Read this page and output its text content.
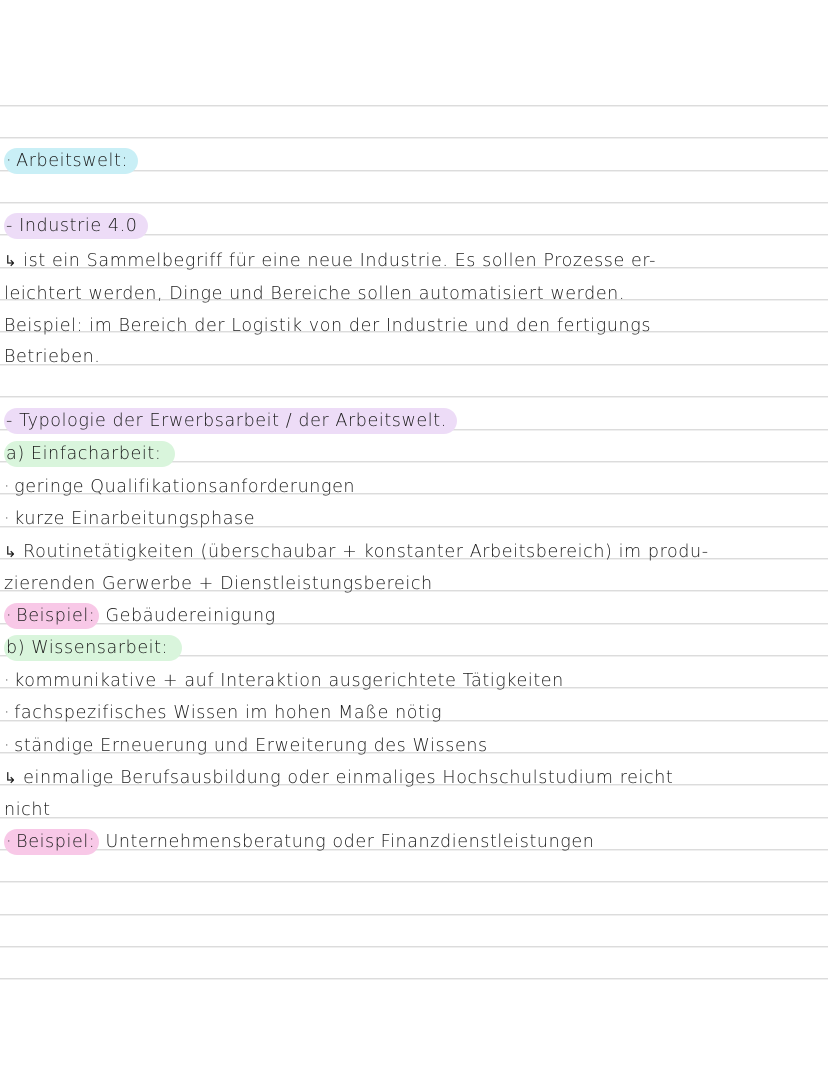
· Arbeitswelt:
- Industrie 4.0
↳ ist ein Sammelbegriff für eine neue Industrie. Es sollen Prozesse er-
leichtert werden, Dinge und Bereiche sollen automatisiert werden.
Beispiel: im Bereich der Logistik von der Industrie und den fertigungs
Betrieben.
- Typologie der Erwerbsarbeit / der Arbeitswelt.
a) Einfacharbeit:
· geringe Qualifikationsanforderungen
· kurze Einarbeitungsphase
↳ Routinetätigkeiten (überschaubar + konstanter Arbeitsbereich) im produ-
zierenden Gerwerbe + Dienstleistungsbereich
· Beispiel: Gebäudereinigung
b) Wissensarbeit:
· kommunikative + auf Interaktion ausgerichtete Tätigkeiten
· fachspezifisches Wissen im hohen Maße nötig
· ständige Erneuerung und Erweiterung des Wissens
↳ einmalige Berufsausbildung oder einmaliges Hochschulstudium reicht
nicht
· Beispiel: Unternehmensberatung oder Finanzdienstleistungen
